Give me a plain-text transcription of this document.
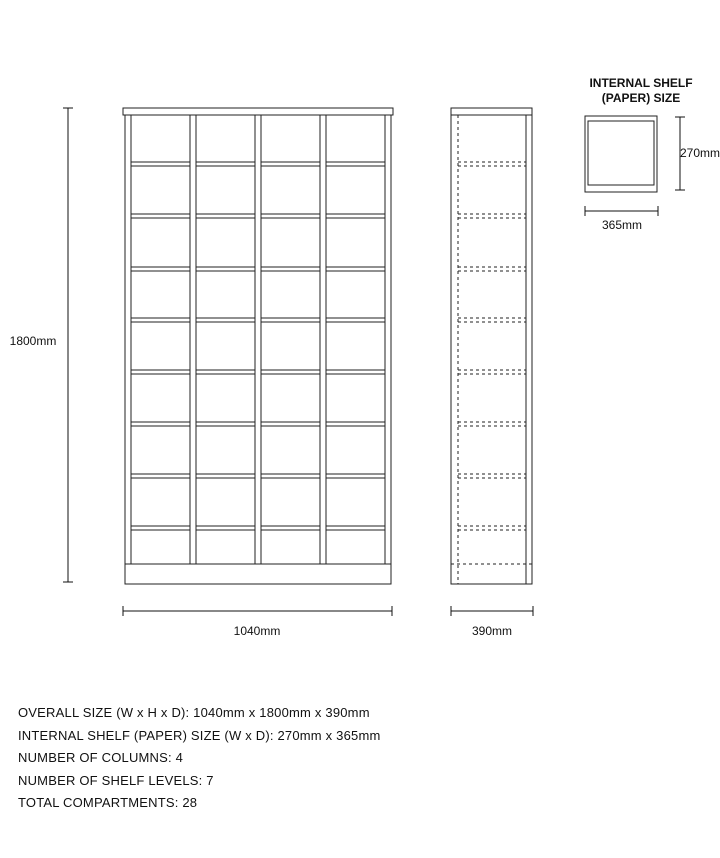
INTERNAL SHELF
(PAPER) SIZE
1800mm
1040mm	390mm
270mm
365mm
OVERALL SIZE (W x H x D): 1040mm x 1800mm x 390mm
INTERNAL SHELF (PAPER) SIZE (W x D): 270mm x 365mm
NUMBER OF COLUMNS: 4
NUMBER OF SHELF LEVELS: 7
TOTAL COMPARTMENTS: 28
